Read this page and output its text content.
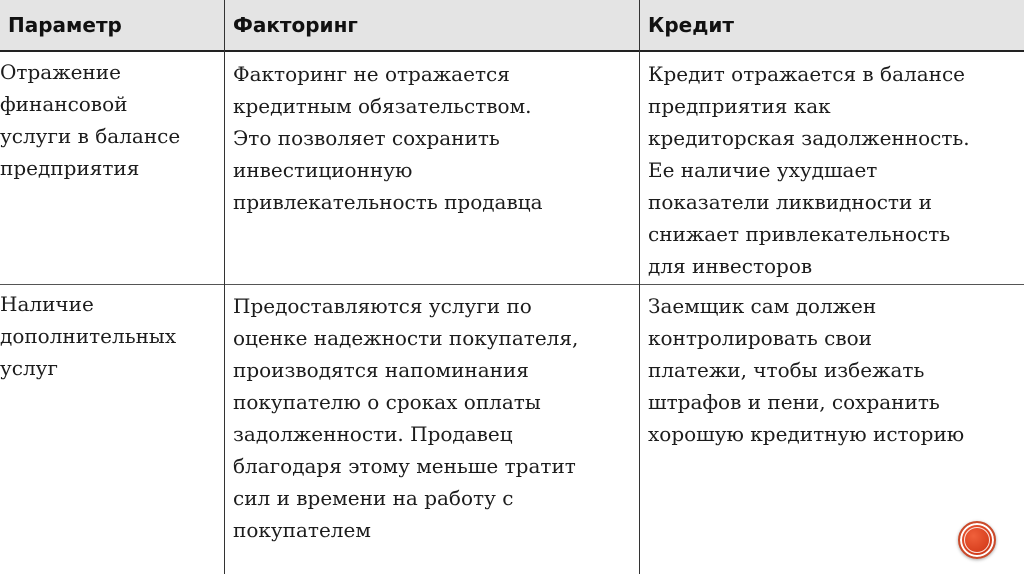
Параметр	Факторинг	Кредит
Отражение
финансовой
услуги в балансе
предприятия
Факторинг не отражается
кредитным обязательством.
Это позволяет сохранить
инвестиционную
привлекательность продавца
Кредит отражается в балансе
предприятия как
кредиторская задолженность.
Ее наличие ухудшает
показатели ликвидности и
снижает привлекательность
для инвесторов
Наличие
дополнительных
услуг
Предоставляются услуги по
оценке надежности покупателя,
производятся напоминания
покупателю о сроках оплаты
задолженности. Продавец
благодаря этому меньше тратит
сил и времени на работу с
покупателем
Заемщик сам должен
контролировать свои
платежи, чтобы избежать
штрафов и пени, сохранить
хорошую кредитную историю
